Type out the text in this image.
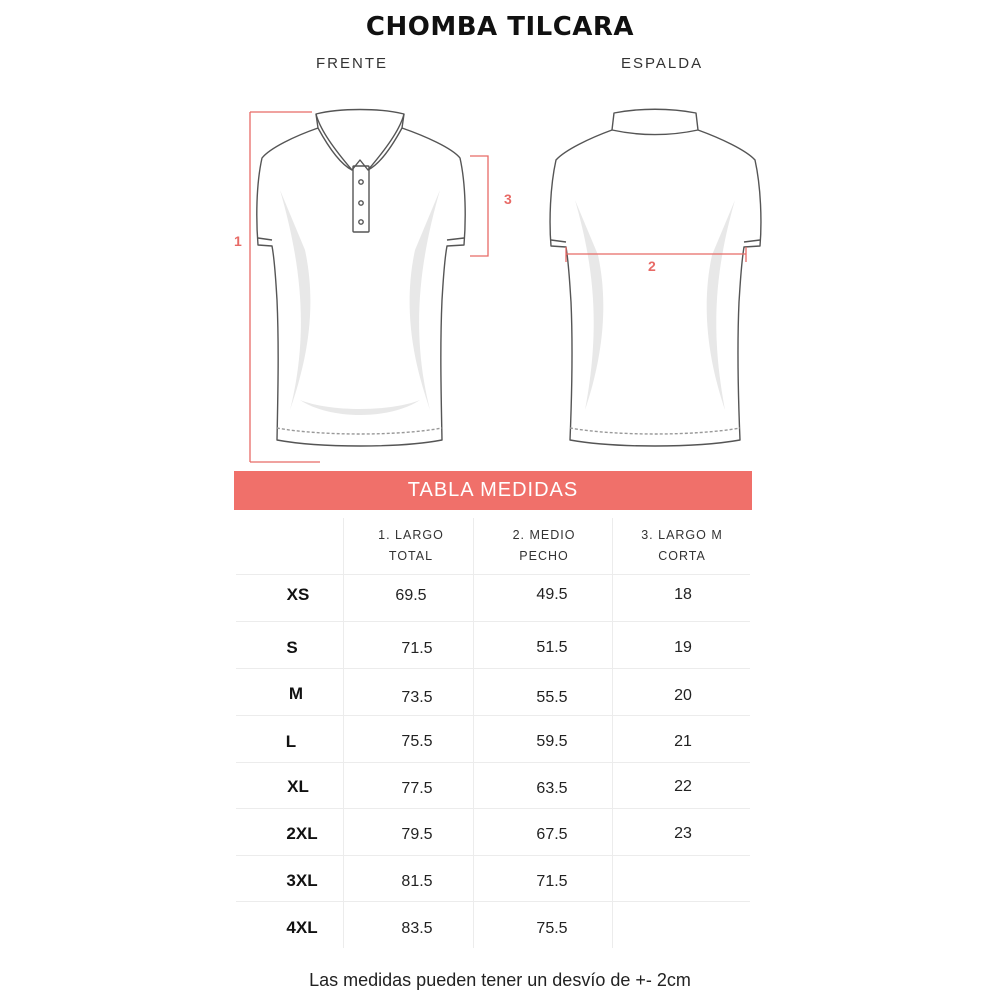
CHOMBA TILCARA
FRENTE	ESPALDA
1
3
2
TABLA MEDIDAS
1. LARGO
TOTAL
2. MEDIO
PECHO
3. LARGO M
CORTA
XS	69.5	49.5	18
S	71.5	51.5	19
M	73.5	55.5	20
L	75.5	59.5	21
XL	77.5	63.5	22
2XL	79.5	67.5	23
3XL	81.5	71.5
4XL	83.5	75.5
Las medidas pueden tener un desvío de +- 2cm
